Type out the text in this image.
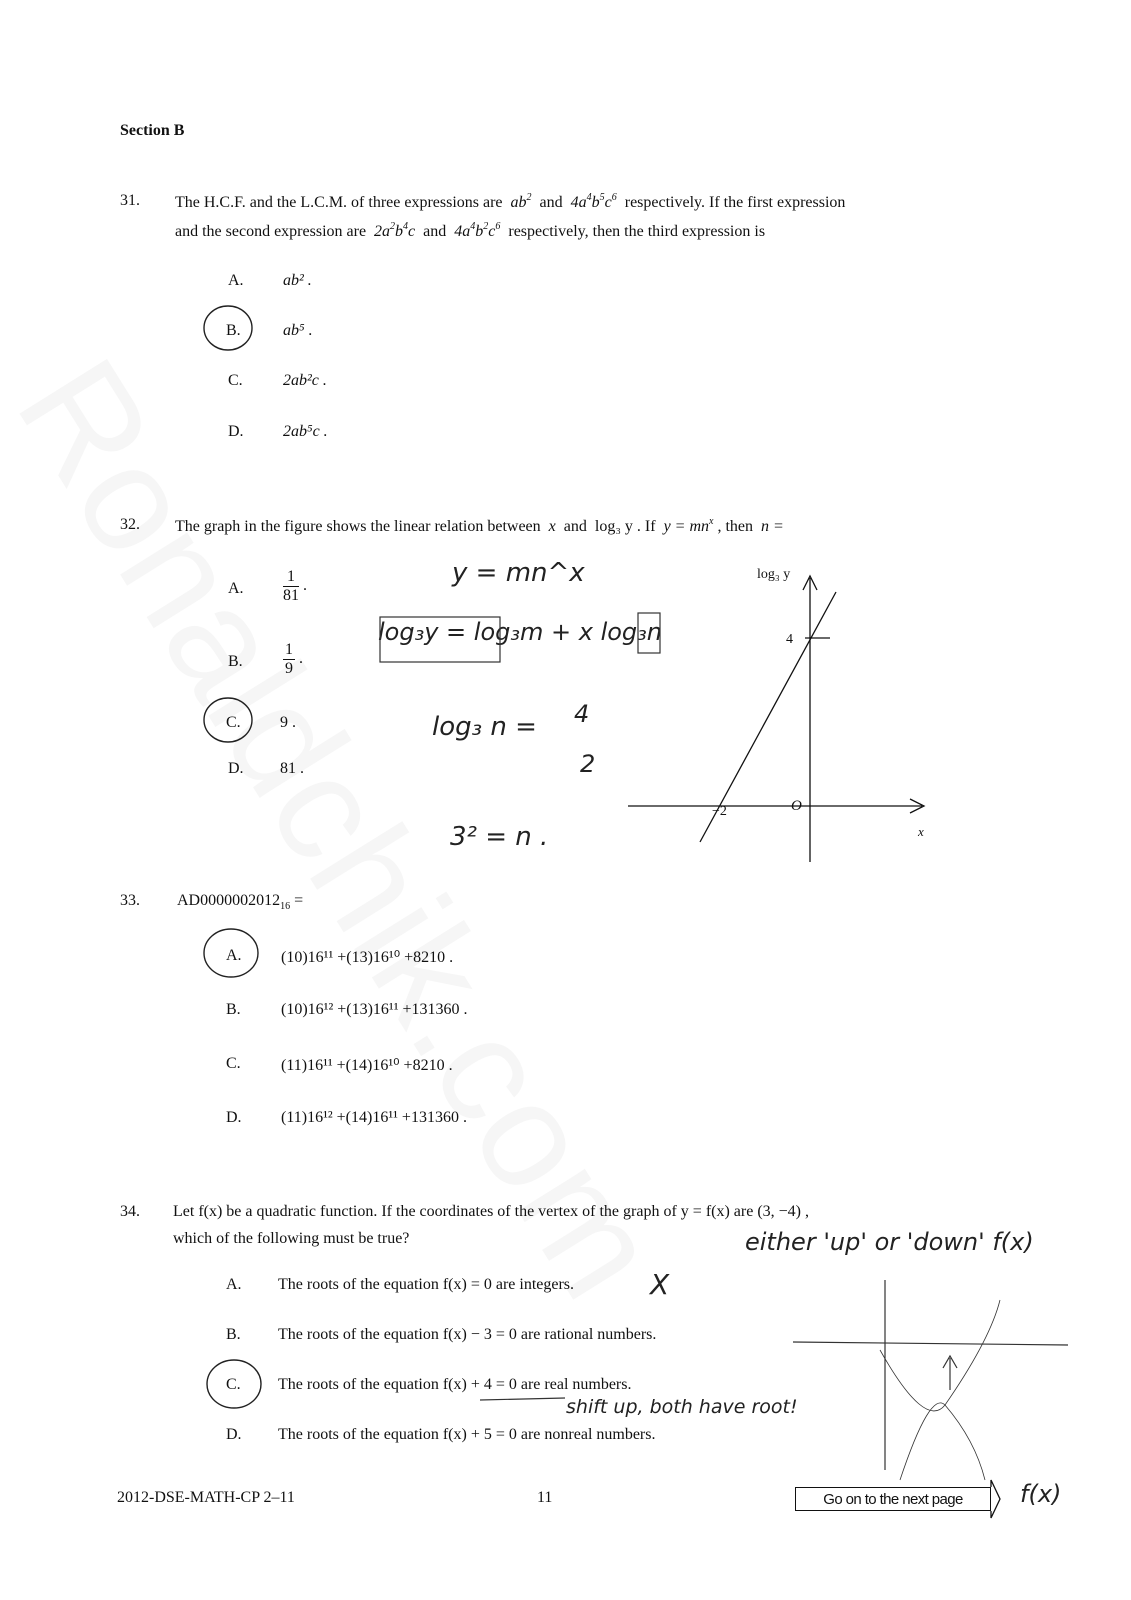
Section B
31. The H.C.F. and the L.C.M. of three expressions are $ab^2$ and $4a^4b^5c^6$ respectively. If the first expression
and the second expression are $2a^2b^4c$ and $4a^4b^2c^6$ respectively, then the third expression is
A. ab² .
B.	ab⁵ .
C.	2ab²c .
D. 2ab⁵c .
32. The graph in the figure shows the linear relation between x and log₃ y . If $y = mn^x$ , then n =
A. $\frac{1}{81}$ .
B.	$\frac{1}{9}$ .
C. 9 .
D. 81 .
y = mn^x
log₃y = log₃m + x log₃n
log₃ n = 4
2
3² = n .
33. $AD0000002012_{16}$ =
A. (10)16¹¹ +(13)16¹⁰ +8210 .
B.	(10)16¹² +(13)16¹¹ +131360 .
C.	(11)16¹¹ +(14)16¹⁰ +8210 .
D. (11)16¹² +(14)16¹¹ +131360 .
34. Let f(x) be a quadratic function. If the coordinates of the vertex of the graph of y = f(x) are (3, −4) ,
which of the following must be true?
A. The roots of the equation f(x) = 0 are integers.
B. The roots of the equation f(x) − 3 = 0 are rational numbers.
C. The roots of the equation f(x) + 4 = 0 are real numbers.
D. The roots of the equation f(x) + 5 = 0 are nonreal numbers.
either 'up' or 'down' f(x)
X
shift up, both have root!
f(x)
log₃ y
x
O
−2
4
2012-DSE-MATH-CP 2–11	11	Go on to the next page
